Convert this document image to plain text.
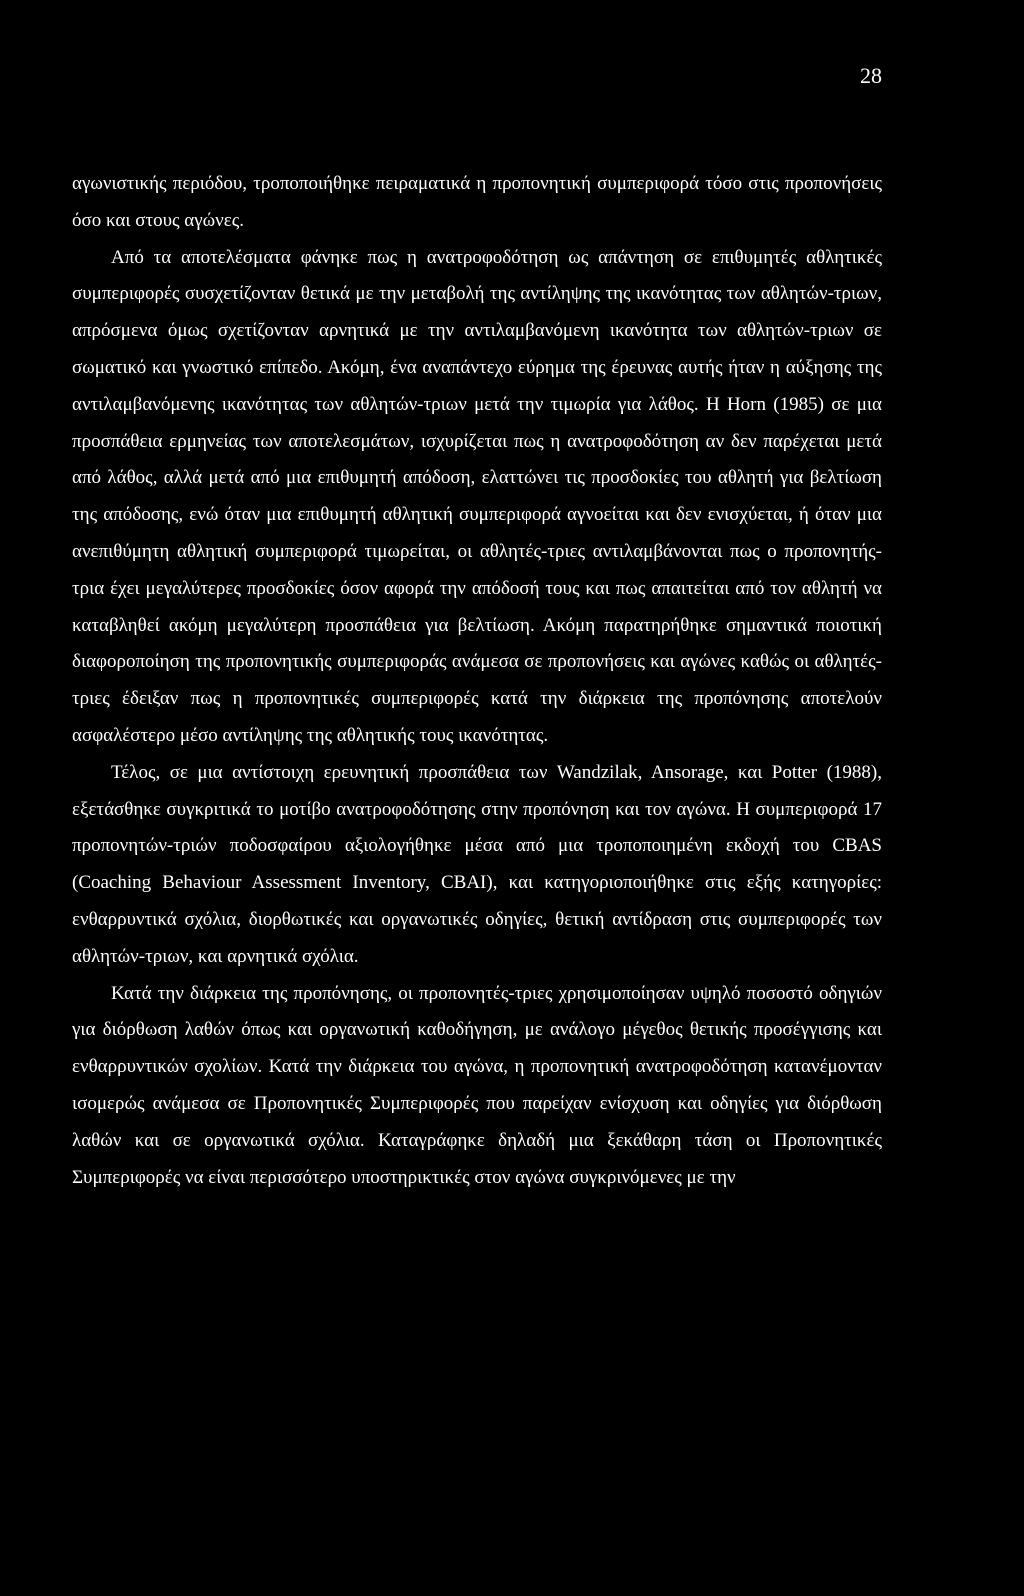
28

αγωνιστικής περιόδου, τροποποιήθηκε πειραματικά η προπονητική συμπεριφορά τόσο στις προπονήσεις όσο και στους αγώνες.

Από τα αποτελέσματα φάνηκε πως η ανατροφοδότηση ως απάντηση σε επιθυμητές αθλητικές συμπεριφορές συσχετίζονταν θετικά με την μεταβολή της αντίληψης της ικανότητας των αθλητών-τριων, απρόσμενα όμως σχετίζονταν αρνητικά με την αντιλαμβανόμενη ικανότητα των αθλητών-τριων σε σωματικό και γνωστικό επίπεδο. Ακόμη, ένα αναπάντεχο εύρημα της έρευνας αυτής ήταν η αύξησης της αντιλαμβανόμενης ικανότητας των αθλητών-τριων μετά την τιμωρία για λάθος. Η Horn (1985) σε μια προσπάθεια ερμηνείας των αποτελεσμάτων, ισχυρίζεται πως η ανατροφοδότηση αν δεν παρέχεται μετά από λάθος, αλλά μετά από μια επιθυμητή απόδοση, ελαττώνει τις προσδοκίες του αθλητή για βελτίωση της απόδοσης, ενώ όταν μια επιθυμητή αθλητική συμπεριφορά αγνοείται και δεν ενισχύεται, ή όταν μια ανεπιθύμητη αθλητική συμπεριφορά τιμωρείται, οι αθλητές-τριες αντιλαμβάνονται πως ο προπονητής-τρια έχει μεγαλύτερες προσδοκίες όσον αφορά την απόδοσή τους και πως απαιτείται από τον αθλητή να καταβληθεί ακόμη μεγαλύτερη προσπάθεια για βελτίωση. Ακόμη παρατηρήθηκε σημαντικά ποιοτική διαφοροποίηση της προπονητικής συμπεριφοράς ανάμεσα σε προπονήσεις και αγώνες καθώς οι αθλητές-τριες έδειξαν πως η προπονητικές συμπεριφορές κατά την διάρκεια της προπόνησης αποτελούν ασφαλέστερο μέσο αντίληψης της αθλητικής τους ικανότητας.

Τέλος, σε μια αντίστοιχη ερευνητική προσπάθεια των Wandzilak, Ansorage, και Potter (1988), εξετάσθηκε συγκριτικά το μοτίβο ανατροφοδότησης στην προπόνηση και τον αγώνα. Η συμπεριφορά 17 προπονητών-τριών ποδοσφαίρου αξιολογήθηκε μέσα από μια τροποποιημένη εκδοχή του CBAS (Coaching Behaviour Assessment Inventory, CBAI), και κατηγοριοποιήθηκε στις εξής κατηγορίες: ενθαρρυντικά σχόλια, διορθωτικές και οργανωτικές οδηγίες, θετική αντίδραση στις συμπεριφορές των αθλητών-τριων, και αρνητικά σχόλια.

Κατά την διάρκεια της προπόνησης, οι προπονητές-τριες χρησιμοποίησαν υψηλό ποσοστό οδηγιών για διόρθωση λαθών όπως και οργανωτική καθοδήγηση, με ανάλογο μέγεθος θετικής προσέγγισης και ενθαρρυντικών σχολίων. Κατά την διάρκεια του αγώνα, η προπονητική ανατροφοδότηση κατανέμονταν ισομερώς ανάμεσα σε Προπονητικές Συμπεριφορές που παρείχαν ενίσχυση και οδηγίες για διόρθωση λαθών και σε οργανωτικά σχόλια. Καταγράφηκε δηλαδή μια ξεκάθαρη τάση οι Προπονητικές Συμπεριφορές να είναι περισσότερο υποστηρικτικές στον αγώνα συγκρινόμενες με την
